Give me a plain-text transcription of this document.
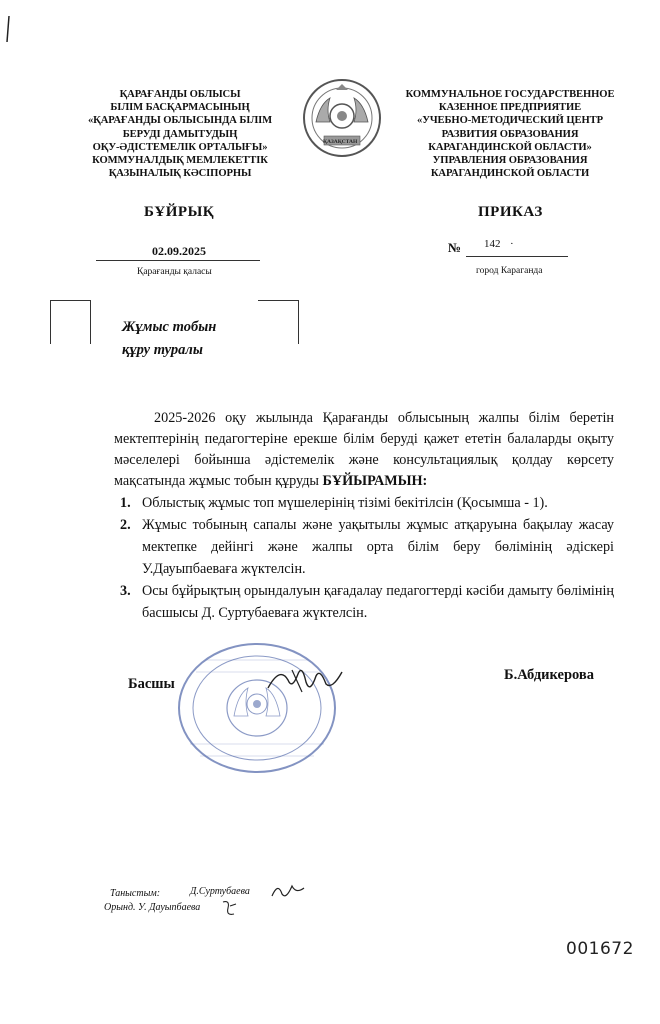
ҚАРАҒАНДЫ ОБЛЫСЫ
БІЛІМ БАСҚАРМАСЫНЫҢ
«ҚАРАҒАНДЫ ОБЛЫСЫНДА БІЛІМ
БЕРУДІ ДАМЫТУДЫҢ
ОҚУ-ӘДІСТЕМЕЛІК ОРТАЛЫҒЫ»
КОММУНАЛДЫҚ МЕМЛЕКЕТТІК
ҚАЗЫНАЛЫҚ КӘСІПОРНЫ
ҚАЗАҚСТАН
КОММУНАЛЬНОЕ ГОСУДАРСТВЕННОЕ
КАЗЕННОЕ ПРЕДПРИЯТИЕ
«УЧЕБНО-МЕТОДИЧЕСКИЙ ЦЕНТР
РАЗВИТИЯ ОБРАЗОВАНИЯ
КАРАГАНДИНСКОЙ ОБЛАСТИ»
УПРАВЛЕНИЯ ОБРАЗОВАНИЯ
КАРАГАНДИНСКОЙ ОБЛАСТИ
БҰЙРЫҚ	ПРИКАЗ
02.09.2025
Қарағанды қаласы
№ 142 ·
город Караганда
Жұмыс тобын
құру туралы
2025-2026 оқу жылында Қарағанды облысының жалпы білім беретін мектептерінің педагогтеріне ерекше білім беруді қажет ететін балаларды оқыту мәселелері бойынша әдістемелік және консультациялық қолдау көрсету мақсатында жұмыс тобын құруды БҰЙЫРАМЫН:
1. Облыстық жұмыс топ мүшелерінің тізімі бекітілсін (Қосымша - 1).
2. Жұмыс тобының сапалы және уақытылы жұмыс атқаруына бақылау жасау мектепке дейінгі және жалпы орта білім беру бөлімінің әдіскері У.Дауыпбаеваға жүктелсін.
3. Осы бұйрықтың орындалуын қағадалау педагогтерді кәсіби дамыту бөлімінің басшысы Д. Суртубаеваға жүктелсін.
Басшы
Б.Абдикерова
Таныстым:	Д.Суртубаева
Орынд. У. Дауыпбаева
001672
